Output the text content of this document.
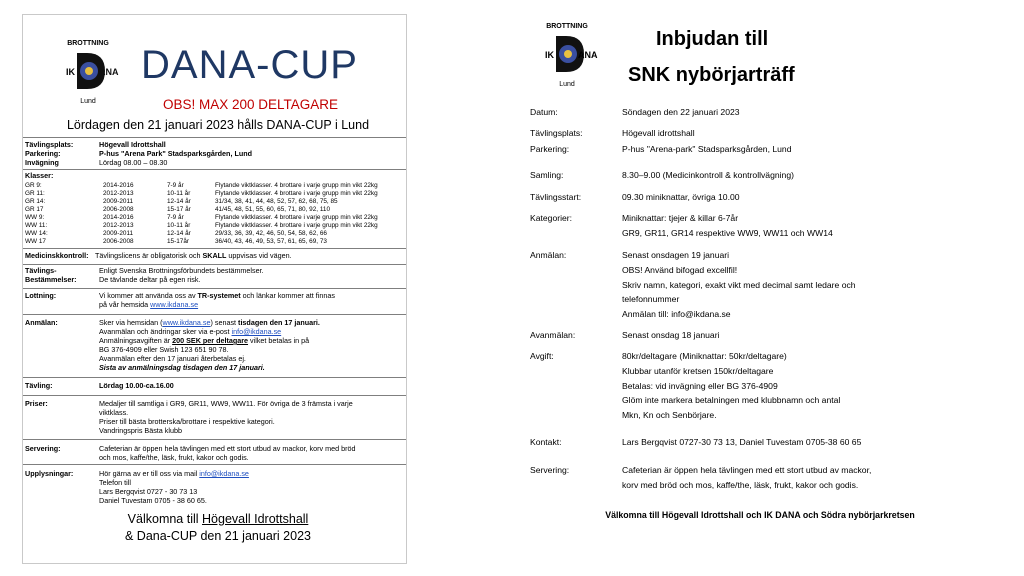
BROTTNING
IK	ANA
Lund
DANA-CUP
OBS! MAX 200 DELTAGARE
Lördagen den 21 januari 2023 hålls DANA-CUP i Lund
Tävlingsplats:	Högevall Idrottshall
Parkering:	P-hus "Arena Park" Stadsparksgården, Lund
Invägning	Lördag 08.00 – 08.30
Klasser:
GR 9:	2014-2016	7-9 år	Flytande viktklasser. 4 brottare i varje grupp min vikt 22kg
GR 11:	2012-2013	10-11 år	Flytande viktklasser. 4 brottare i varje grupp min vikt 22kg
GR 14:	2009-2011	12-14 år	31/34, 38, 41, 44, 48, 52, 57, 62, 68, 75, 85
GR 17	2006-2008	15-17 år	41/45, 48, 51, 55, 60, 65, 71, 80, 92, 110
WW 9:	2014-2016	7-9 år	Flytande viktklasser. 4 brottare i varje grupp min vikt 22kg
WW 11:	2012-2013	10-11 år	Flytande viktklasser. 4 brottare i varje grupp min vikt 22kg
WW 14:	2009-2011	12-14 år	29/33, 36, 39, 42, 46, 50, 54, 58, 62, 66
WW 17	2006-2008	15-17år	36/40, 43, 46, 49, 53, 57, 61, 65, 69, 73
Medicinskkontroll: Tävlingslicens är obligatorisk och SKALL uppvisas vid vägen.
Tävlings-
Bestämmelser:
Enligt Svenska Brottningsförbundets bestämmelser.
De tävlande deltar på egen risk.
Lottning:	Vi kommer att använda oss av TR-systemet och länkar kommer att finnas
på vår hemsida www.ikdana.se
Anmälan:	Sker via hemsidan (www.ikdana.se) senast tisdagen den 17 januari.
Avanmälan och ändringar sker via e-post info@ikdana.se
Anmälningsavgiften är 200 SEK per deltagare vilket betalas in på
BG 376-4909 eller Swish 123 651 90 78.
Avanmälan efter den 17 januari återbetalas ej.
Sista av anmälningsdag tisdagen den 17 januari.
Tävling:	Lördag 10.00-ca.16.00
Priser:	Medaljer till samtliga i GR9, GR11, WW9, WW11. För övriga de 3 främsta i varje
viktklass.
Priser till bästa brotterska/brottare i respektive kategori.
Vandringspris Bästa klubb
Servering:	Cafeterian är öppen hela tävlingen med ett stort utbud av mackor, korv med bröd
och mos, kaffe/the, läsk, frukt, kakor och godis.
Upplysningar:	Hör gärna av er till oss via mail info@ikdana.se
Telefon till
Lars Bergqvist 0727 - 30 73 13
Daniel Tuvestam 0705 - 38 60 65.
Välkomna till Högevall Idrottshall
& Dana-CUP den 21 januari 2023
BROTTNING
IK	ANA
Lund
Inbjudan till
SNK nybörjarträff
Datum:	Söndagen den 22 januari 2023
Tävlingsplats:	Högevall idrottshall
Parkering:	P-hus "Arena-park" Stadsparksgården, Lund
Samling:	8.30–9.00 (Medicinkontroll & kontrollvägning)
Tävlingsstart:	09.30 miniknattar, övriga 10.00
Kategorier:	Miniknattar: tjejer & killar 6-7år
GR9, GR11, GR14 respektive WW9, WW11 och WW14
Anmälan:	Senast onsdagen 19 januari
OBS! Använd bifogad excellfil!
Skriv namn, kategori, exakt vikt med decimal samt ledare och
telefonnummer
Anmälan till: info@ikdana.se
Avanmälan:	Senast onsdag 18 januari
Avgift:	80kr/deltagare (Miniknattar: 50kr/deltagare)
Klubbar utanför kretsen 150kr/deltagare
Betalas: vid invägning eller BG 376-4909
Glöm inte markera betalningen med klubbnamn och antal
Mkn, Kn och Senbörjare.
Kontakt:	Lars Bergqvist 0727-30 73 13, Daniel Tuvestam 0705-38 60 65
Servering:	Cafeterian är öppen hela tävlingen med ett stort utbud av mackor,
korv med bröd och mos, kaffe/the, läsk, frukt, kakor och godis.
Välkomna till Högevall Idrottshall och IK DANA och Södra nybörjarkretsen
